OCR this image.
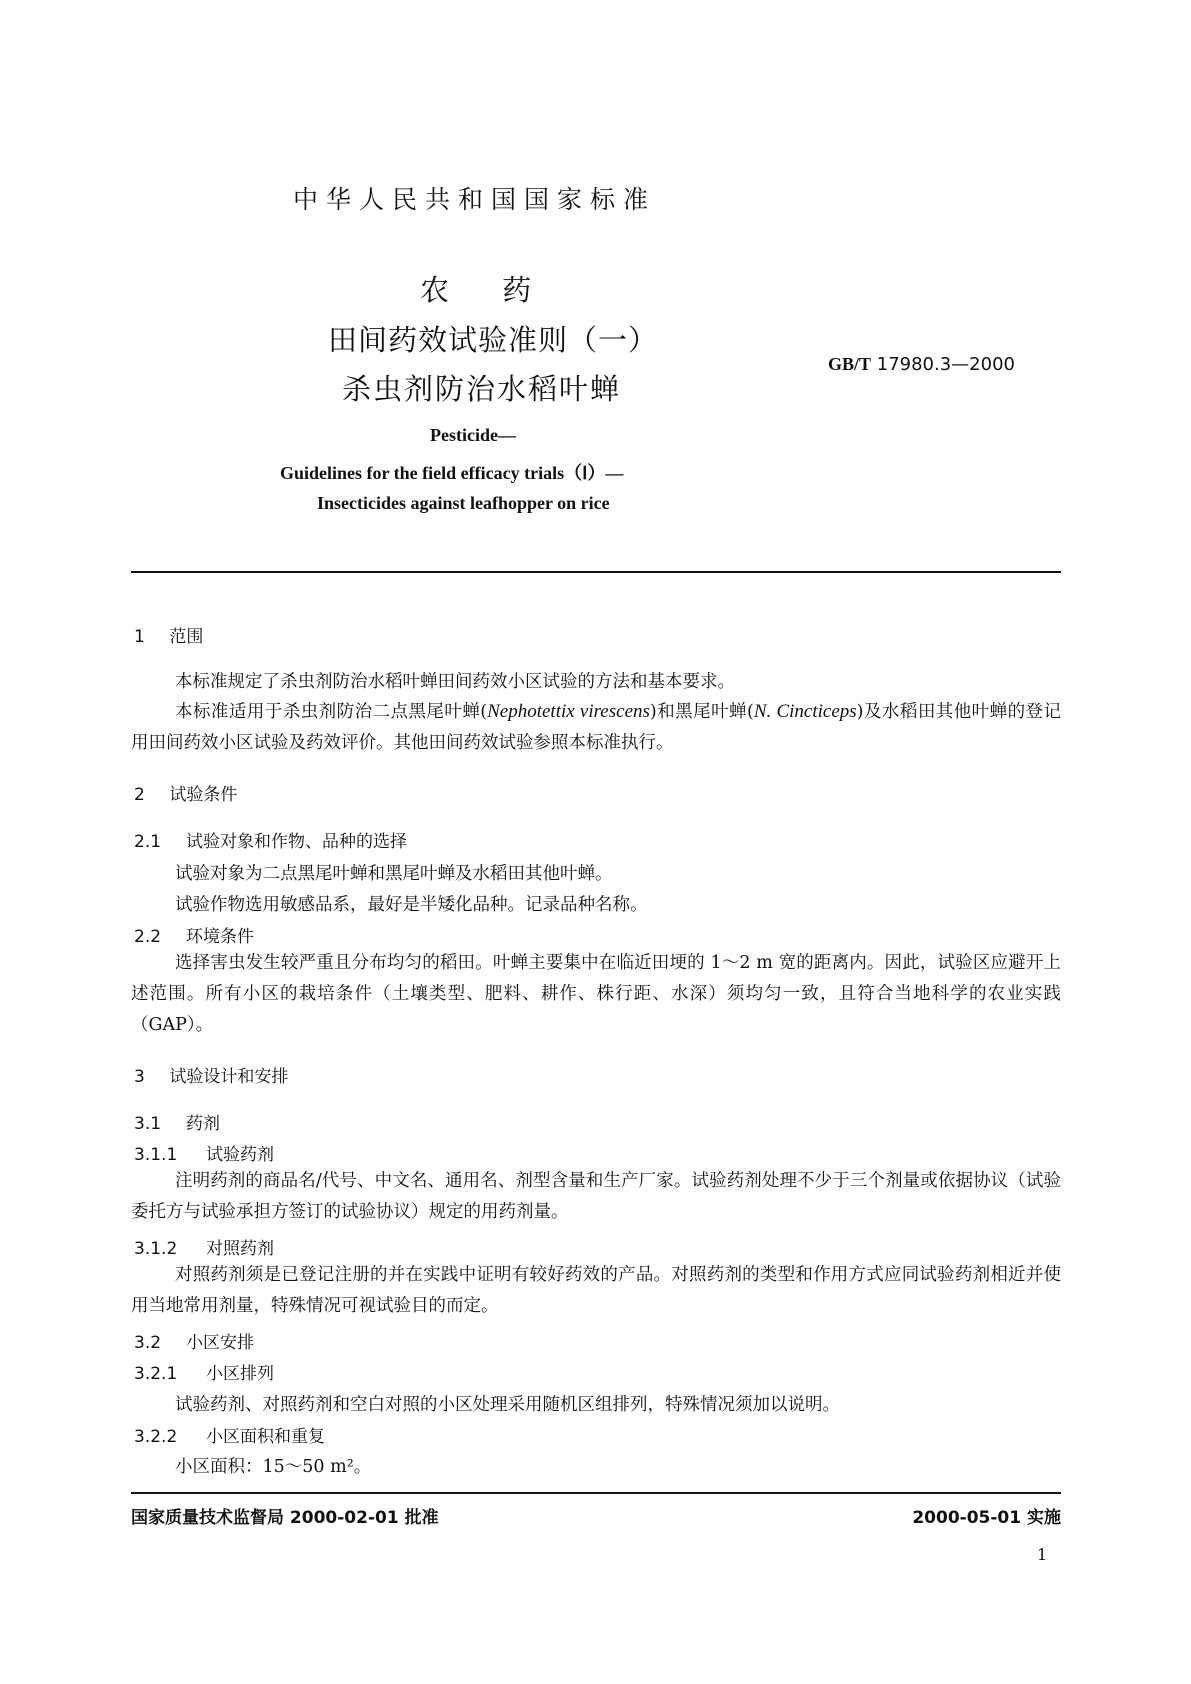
中华人民共和国国家标准
农 药
田间药效试验准则（一）
杀虫剂防治水稻叶蝉
GB/T 17980.3—2000
Pesticide—
Guidelines for the field efficacy trials（Ⅰ）—
Insecticides against leafhopper on rice
1 范围
本标准规定了杀虫剂防治水稻叶蝉田间药效小区试验的方法和基本要求。
本标准适用于杀虫剂防治二点黑尾叶蝉(Nephotettix virescens)和黑尾叶蝉(N. Cincticeps)及水稻田其他叶蝉的登记用田间药效小区试验及药效评价。其他田间药效试验参照本标准执行。
2 试验条件
2.1 试验对象和作物、品种的选择
试验对象为二点黑尾叶蝉和黑尾叶蝉及水稻田其他叶蝉。
试验作物选用敏感品系，最好是半矮化品种。记录品种名称。
2.2 环境条件
选择害虫发生较严重且分布均匀的稻田。叶蝉主要集中在临近田埂的 1～2 m 宽的距离内。因此，试验区应避开上述范围。所有小区的栽培条件（土壤类型、肥料、耕作、株行距、水深）须均匀一致，且符合当地科学的农业实践（GAP）。
3 试验设计和安排
3.1 药剂
3.1.1 试验药剂
注明药剂的商品名/代号、中文名、通用名、剂型含量和生产厂家。试验药剂处理不少于三个剂量或依据协议（试验委托方与试验承担方签订的试验协议）规定的用药剂量。
3.1.2 对照药剂
对照药剂须是已登记注册的并在实践中证明有较好药效的产品。对照药剂的类型和作用方式应同试验药剂相近并使用当地常用剂量，特殊情况可视试验目的而定。
3.2 小区安排
3.2.1 小区排列
试验药剂、对照药剂和空白对照的小区处理采用随机区组排列，特殊情况须加以说明。
3.2.2 小区面积和重复
小区面积：15～50 m²。
国家质量技术监督局 2000-02-01 批准	2000-05-01 实施
1
